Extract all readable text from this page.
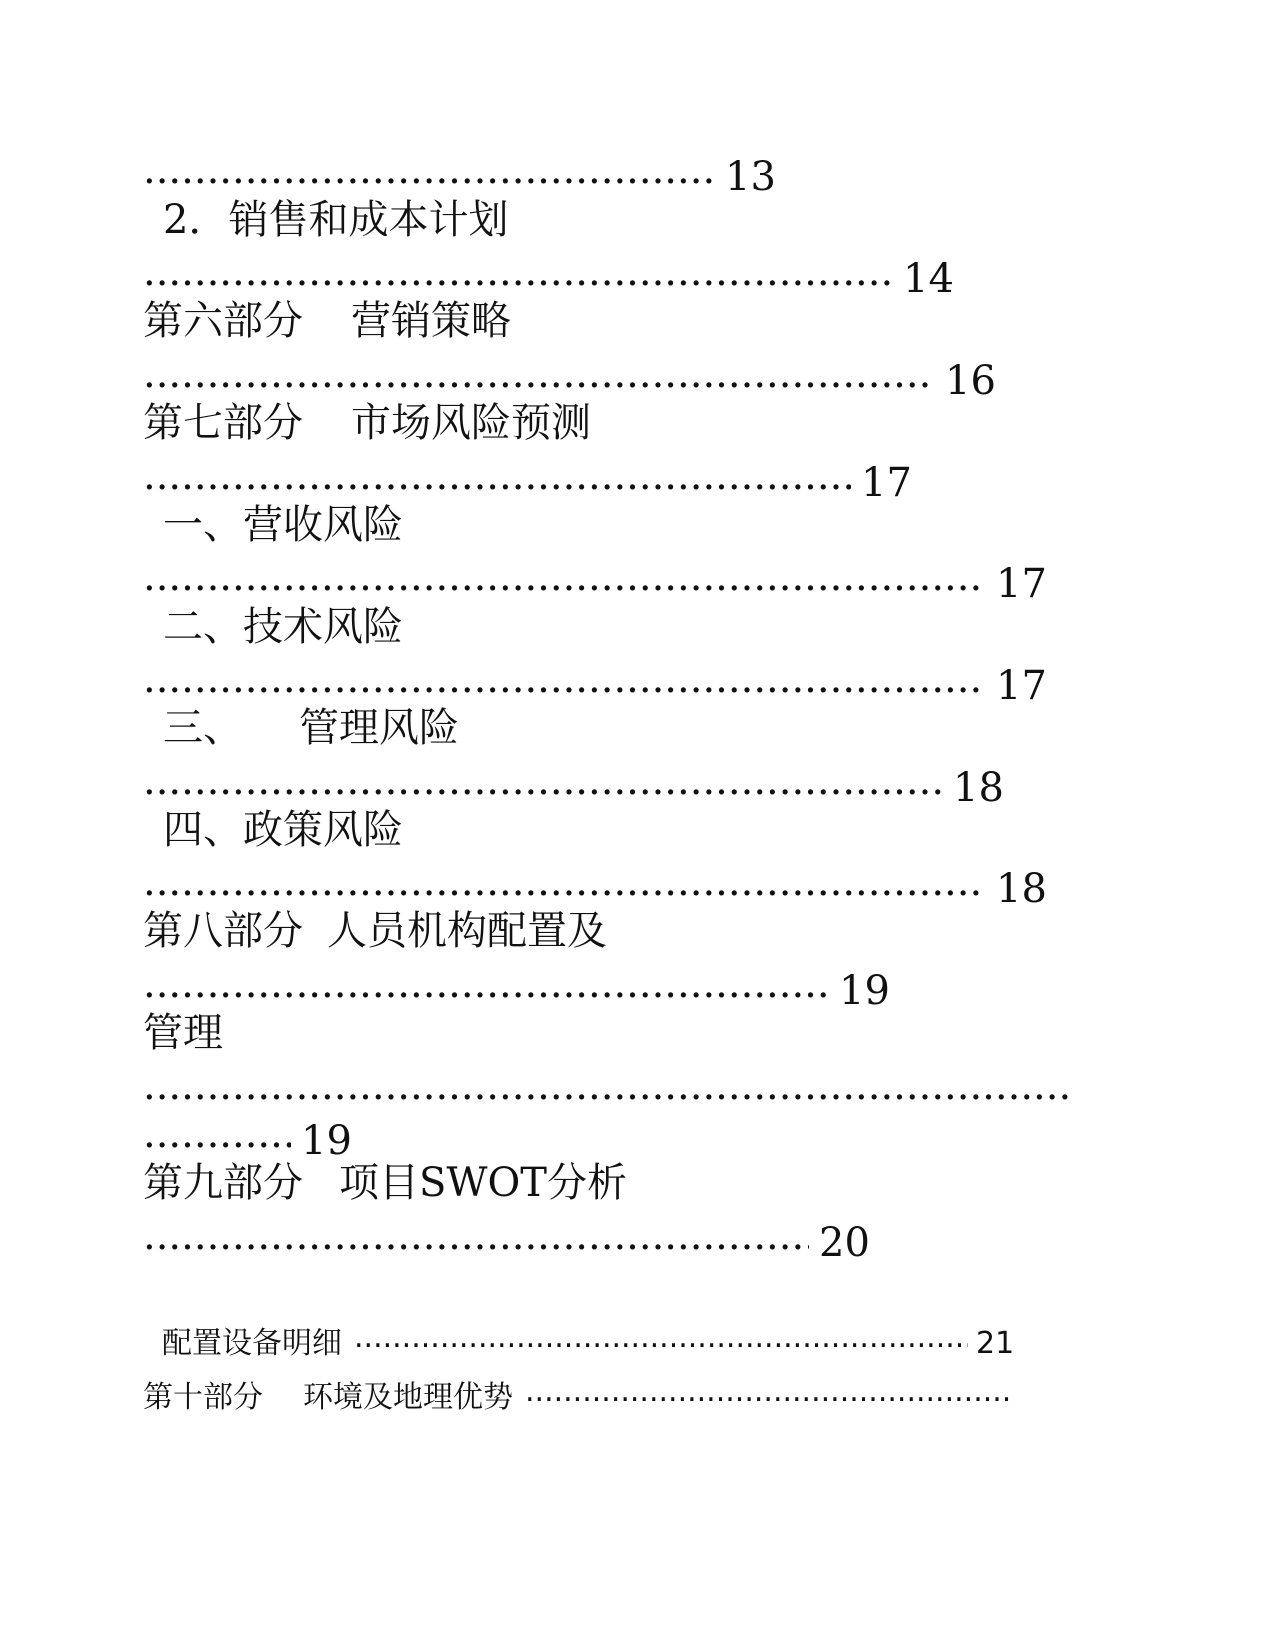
.....13
2．销售和成本计划
.....14
第六部分 营销策略
.....16
第七部分 市场风险预测
.....17
一、营收风险
.....17
二、技术风险
.....17
三、 管理风险
.....18
四、政策风险
.....18
第八部分 人员机构配置及
.....19
管理
.....
.....19
第九部分 项目SWOT分析
.....20
配置设备明细 .....	21
第十部分 环境及地理优势.....
